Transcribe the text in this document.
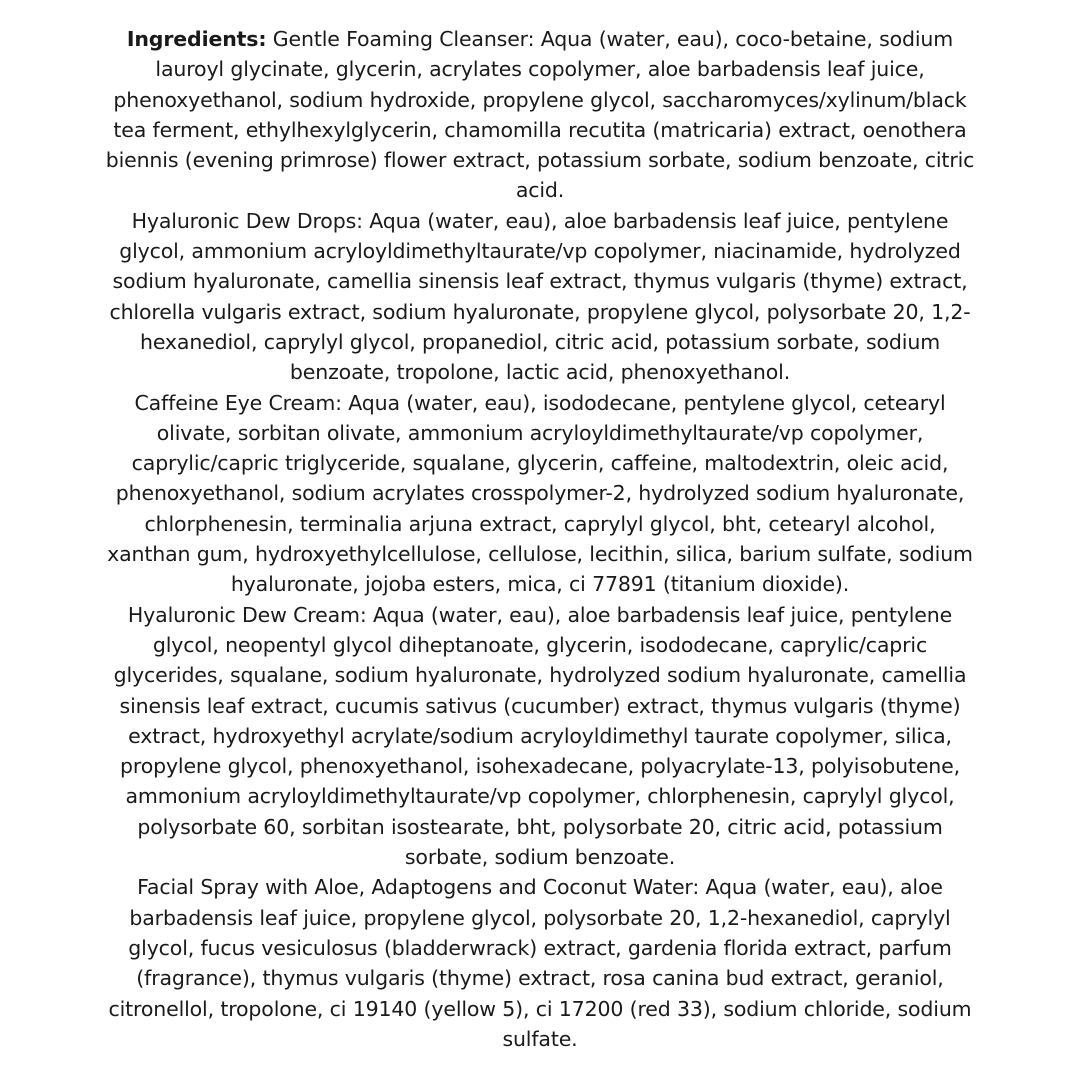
Ingredients: Gentle Foaming Cleanser: Aqua (water, eau), coco-betaine, sodium lauroyl glycinate, glycerin, acrylates copolymer, aloe barbadensis leaf juice, phenoxyethanol, sodium hydroxide, propylene glycol, saccharomyces/xylinum/black tea ferment, ethylhexylglycerin, chamomilla recutita (matricaria) extract, oenothera biennis (evening primrose) flower extract, potassium sorbate, sodium benzoate, citric acid.

Hyaluronic Dew Drops: Aqua (water, eau), aloe barbadensis leaf juice, pentylene glycol, ammonium acryloyldimethyltaurate/vp copolymer, niacinamide, hydrolyzed sodium hyaluronate, camellia sinensis leaf extract, thymus vulgaris (thyme) extract, chlorella vulgaris extract, sodium hyaluronate, propylene glycol, polysorbate 20, 1,2-hexanediol, caprylyl glycol, propanediol, citric acid, potassium sorbate, sodium benzoate, tropolone, lactic acid, phenoxyethanol.

Caffeine Eye Cream: Aqua (water, eau), isododecane, pentylene glycol, cetearyl olivate, sorbitan olivate, ammonium acryloyldimethyltaurate/vp copolymer, caprylic/capric triglyceride, squalane, glycerin, caffeine, maltodextrin, oleic acid, phenoxyethanol, sodium acrylates crosspolymer-2, hydrolyzed sodium hyaluronate, chlorphenesin, terminalia arjuna extract, caprylyl glycol, bht, cetearyl alcohol, xanthan gum, hydroxyethylcellulose, cellulose, lecithin, silica, barium sulfate, sodium hyaluronate, jojoba esters, mica, ci 77891 (titanium dioxide).

Hyaluronic Dew Cream: Aqua (water, eau), aloe barbadensis leaf juice, pentylene glycol, neopentyl glycol diheptanoate, glycerin, isododecane, caprylic/capric glycerides, squalane, sodium hyaluronate, hydrolyzed sodium hyaluronate, camellia sinensis leaf extract, cucumis sativus (cucumber) extract, thymus vulgaris (thyme) extract, hydroxyethyl acrylate/sodium acryloyldimethyl taurate copolymer, silica, propylene glycol, phenoxyethanol, isohexadecane, polyacrylate-13, polyisobutene, ammonium acryloyldimethyltaurate/vp copolymer, chlorphenesin, caprylyl glycol, polysorbate 60, sorbitan isostearate, bht, polysorbate 20, citric acid, potassium sorbate, sodium benzoate.

Facial Spray with Aloe, Adaptogens and Coconut Water: Aqua (water, eau), aloe barbadensis leaf juice, propylene glycol, polysorbate 20, 1,2-hexanediol, caprylyl glycol, fucus vesiculosus (bladderwrack) extract, gardenia florida extract, parfum (fragrance), thymus vulgaris (thyme) extract, rosa canina bud extract, geraniol, citronellol, tropolone, ci 19140 (yellow 5), ci 17200 (red 33), sodium chloride, sodium sulfate.
